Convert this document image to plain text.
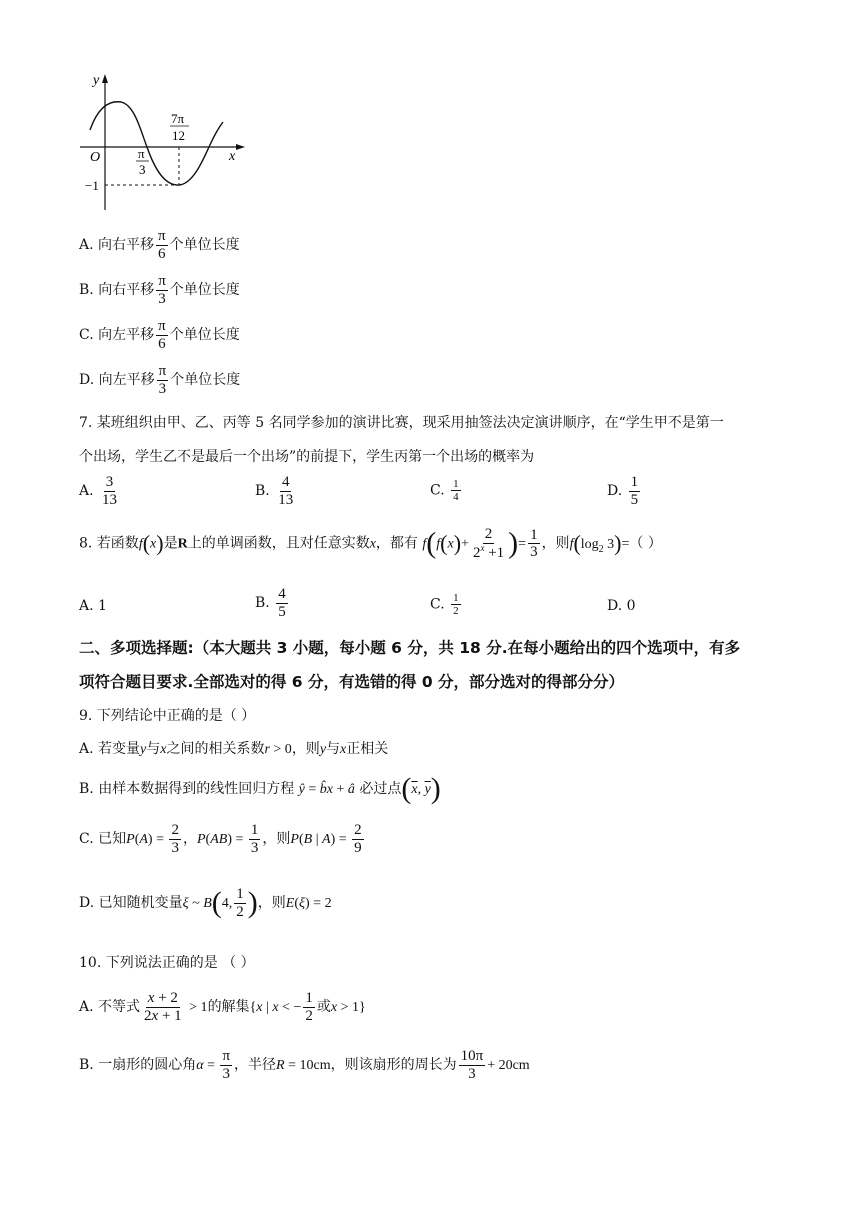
y
x
O	π
3
7π
12
−1
A. 向右平移 $\frac{\pi}{6}$ 个单位长度
B. 向右平移 $\frac{\pi}{3}$ 个单位长度
C. 向左平移 $\frac{\pi}{6}$ 个单位长度
D. 向左平移 $\frac{\pi}{3}$ 个单位长度
7. 某班组织由甲、乙、丙等 5 名同学参加的演讲比赛，现采用抽签法决定演讲顺序，在“学生甲不是第一
个出场，学生乙不是最后一个出场”的前提下，学生丙第一个出场的概率为
A. $\frac{3}{13}$	B. $\frac{4}{13}$	C. $\frac{1}{4}$	D. $\frac{1}{5}$
8. 若函数f(x)是R上的单调函数，且对任意实数x，都有 $f(f(x)+ \frac{2}{2^x +1}$ )= $\frac{1}{3}$ ，则$f(\log_2$ 3)=（ ）
A. 1	B. $\frac{4}{5}$	C. $\frac{1}{2}$	D. 0
二、多项选择题:（本大题共 3 小题，每小题 6 分，共 18 分.在每小题给出的四个选项中，有多
项符合题目要求.全部选对的得 6 分，有选错的得 0 分，部分选对的得部分分）
9. 下列结论中正确的是（ ）
A. 若变量y与x之间的相关系数r > 0，则y与x正相关
B. 由样本数据得到的线性回归方程 ŷ = b̂x + â 必过点($\overline{x}$, $\overline{y}$)
C. 已知$P(A) = \frac{2}{3}$ ，$P(AB) = \frac{1}{3}$ ，则P(B | $A) = \frac{2}{9}$
D. 已知随机变量ξ ~ B(4, $\frac{1}{2}$ )，则E(ξ) = 2
10. 下列说法正确的是 （ ）
A. 不等式 $\frac{x + 2}{2x + 1} > 1$的解集{x | x < − $\frac{1}{2}$ 或x > 1}
B. 一扇形的圆心角$\alpha = \frac{\pi}{3}$ ，半径R = 10cm，则该扇形的周长为 $\frac{10\pi}{3} + 20cm$
